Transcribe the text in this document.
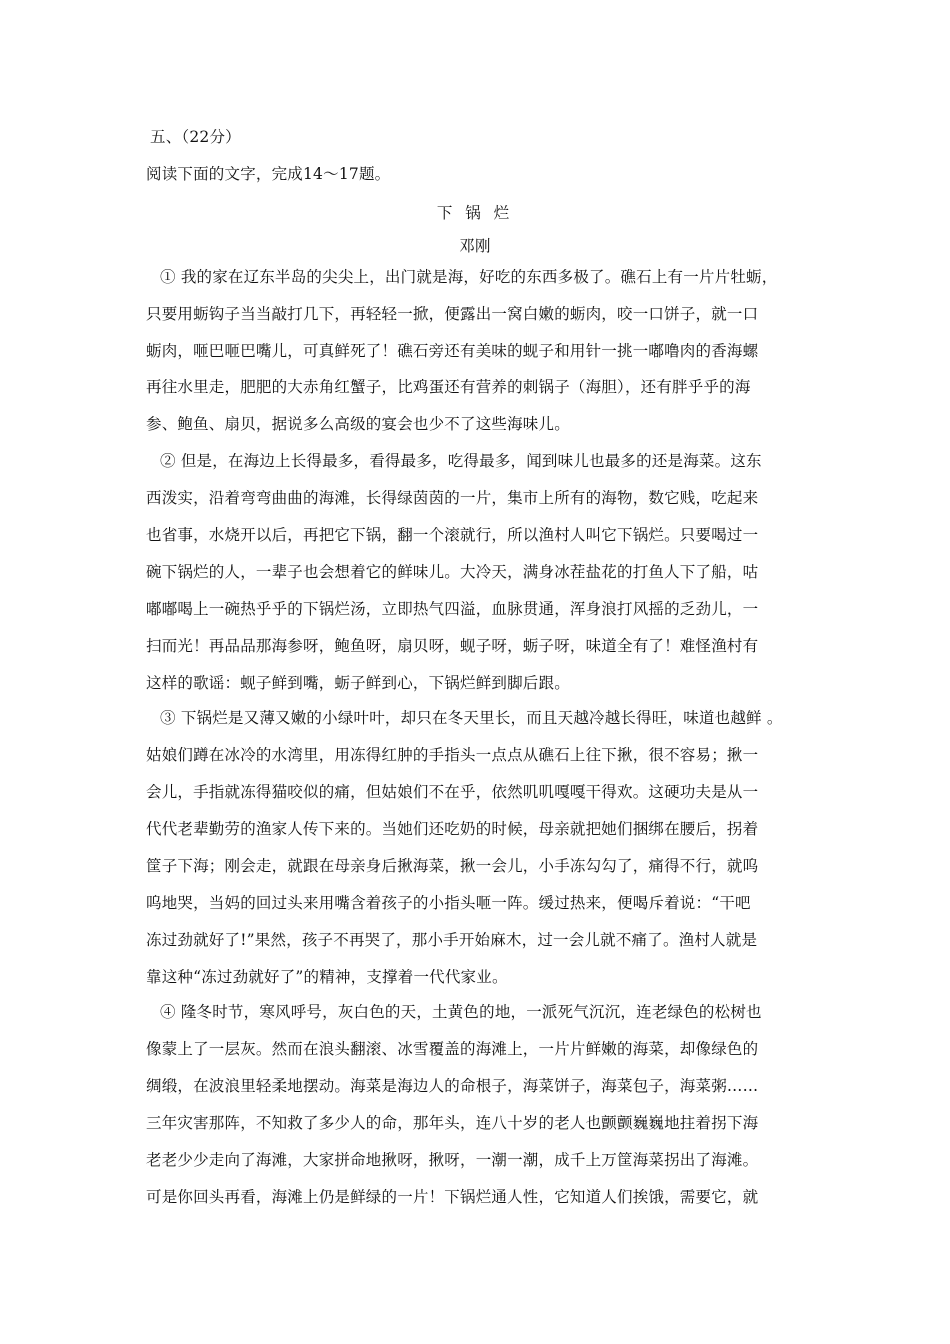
五、（22分）
阅读下面的文字，完成14～17题。
下 锅 烂
邓刚
① 我的家在辽东半岛的尖尖上，出门就是海，好吃的东西多极了。礁石上有一片片牡蛎，
只要用蛎钩子当当敲打几下，再轻轻一掀，便露出一窝白嫩的蛎肉，咬一口饼子，就一口
蛎肉，咂巴咂巴嘴儿，可真鲜死了！礁石旁还有美味的蚬子和用针一挑一嘟噜肉的香海螺
再往水里走，肥肥的大赤角红蟹子，比鸡蛋还有营养的刺锅子（海胆），还有胖乎乎的海
参、鲍鱼、扇贝，据说多么高级的宴会也少不了这些海味儿。
② 但是，在海边上长得最多，看得最多，吃得最多，闻到味儿也最多的还是海菜。这东
西泼实，沿着弯弯曲曲的海滩，长得绿茵茵的一片，集市上所有的海物，数它贱，吃起来
也省事，水烧开以后，再把它下锅，翻一个滚就行，所以渔村人叫它下锅烂。只要喝过一
碗下锅烂的人，一辈子也会想着它的鲜味儿。大冷天，满身冰茬盐花的打鱼人下了船，咕
嘟嘟喝上一碗热乎乎的下锅烂汤，立即热气四溢，血脉贯通，浑身浪打风摇的乏劲儿，一
扫而光！再品品那海参呀，鲍鱼呀，扇贝呀，蚬子呀，蛎子呀，味道全有了！难怪渔村有
这样的歌谣：蚬子鲜到嘴，蛎子鲜到心，下锅烂鲜到脚后跟。
③ 下锅烂是又薄又嫩的小绿叶叶，却只在冬天里长，而且天越冷越长得旺，味道也越鲜 。
姑娘们蹲在冰冷的水湾里，用冻得红肿的手指头一点点从礁石上往下揪，很不容易；揪一
会儿，手指就冻得猫咬似的痛，但姑娘们不在乎，依然叽叽嘎嘎干得欢。这硬功夫是从一
代代老辈勤劳的渔家人传下来的。当她们还吃奶的时候，母亲就把她们捆绑在腰后，拐着
筐子下海；刚会走，就跟在母亲身后揪海菜，揪一会儿，小手冻勾勾了，痛得不行，就呜
呜地哭，当妈的回过头来用嘴含着孩子的小指头咂一阵。缓过热来，便喝斥着说：“干吧
冻过劲就好了!”果然，孩子不再哭了，那小手开始麻木，过一会儿就不痛了。渔村人就是
靠这种“冻过劲就好了”的精神，支撑着一代代家业。
④ 隆冬时节，寒风呼号，灰白色的天，土黄色的地，一派死气沉沉，连老绿色的松树也
像蒙上了一层灰。然而在浪头翻滚、冰雪覆盖的海滩上，一片片鲜嫩的海菜，却像绿色的
绸缎，在波浪里轻柔地摆动。海菜是海边人的命根子，海菜饼子，海菜包子，海菜粥……
三年灾害那阵，不知救了多少人的命，那年头，连八十岁的老人也颤颤巍巍地拄着拐下海
老老少少走向了海滩，大家拼命地揪呀，揪呀，一潮一潮，成千上万筐海菜拐出了海滩。
可是你回头再看，海滩上仍是鲜绿的一片！下锅烂通人性，它知道人们挨饿，需要它，就
